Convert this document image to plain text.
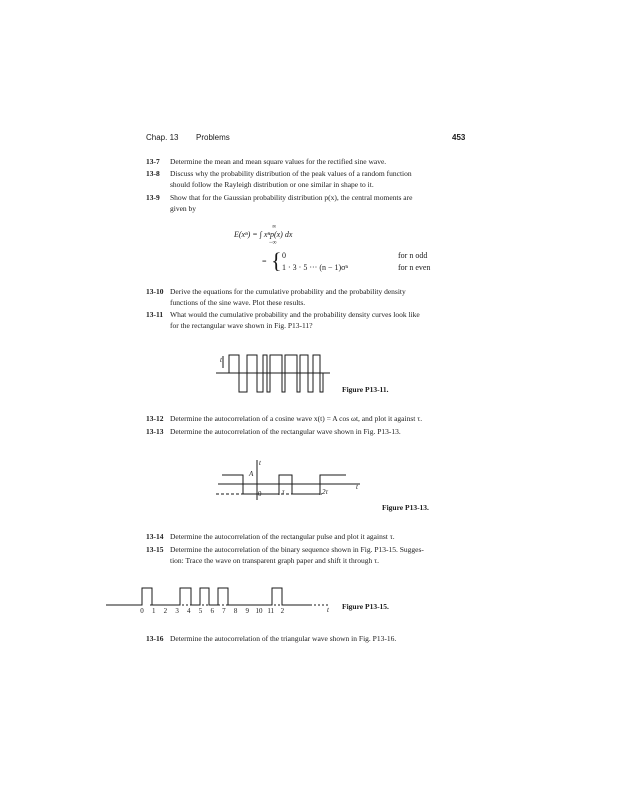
Chap. 13 Problems	453
13-7 Determine the mean and mean square values for the rectified sine wave.
13-8 Discuss why the probability distribution of the peak values of a random function
should follow the Rayleigh distribution or one similar in shape to it.
13-9 Show that for the Gaussian probability distribution p(x), the central moments are
given by
E(xⁿ) = ∫ xⁿp(x) dx
∞
−∞
= { 0	for n odd
1 · 3 · 5 ··· (n − 1)σⁿ	for n even
13-10 Derive the equations for the cumulative probability and the probability density
functions of the sine wave. Plot these results.
13-11 What would the cumulative probability and the probability density curves look like
for the rectangular wave shown in Fig. P13-11?
t
Figure P13-11.
13-12 Determine the autocorrelation of a cosine wave x(t) = A cos ωt, and plot it against τ.
13-13 Determine the autocorrelation of the rectangular wave shown in Fig. P13-13.
t
A
0	τ	2τ
t
Figure P13-13.
13-14 Determine the autocorrelation of the rectangular pulse and plot it against τ.
13-15 Determine the autocorrelation of the binary sequence shown in Fig. P13-15. Sugges-
tion: Trace the wave on transparent graph paper and shift it through τ.
0 1 2 3 4 5 6 7 8 9 10 11 2	t Figure P13-15.
13-16 Determine the autocorrelation of the triangular wave shown in Fig. P13-16.
